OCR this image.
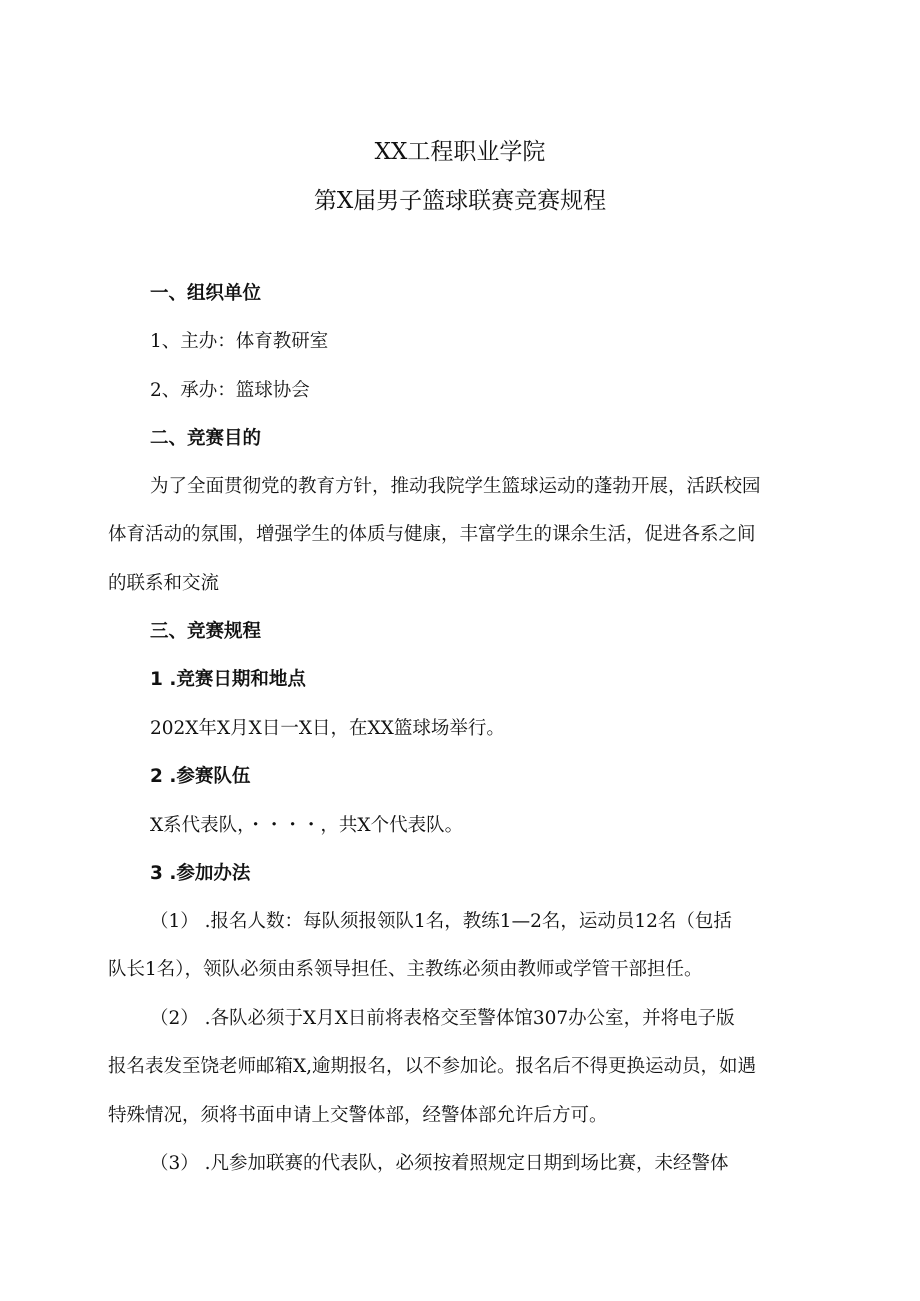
XX工程职业学院
第X届男子篮球联赛竞赛规程
一、组织单位
1、主办：体育教研室
2、承办：篮球协会
二、竞赛目的
为了全面贯彻党的教育方针，推动我院学生篮球运动的蓬勃开展，活跃校园
体育活动的氛围，增强学生的体质与健康，丰富学生的课余生活，促进各系之间
的联系和交流
三、竞赛规程
1 .竞赛日期和地点
202X年X月X日一X日，在XX篮球场举行。
2 .参赛队伍
X系代表队，・・・・，共X个代表队。
3 .参加办法
（1） .报名人数：每队须报领队1名，教练1—2名，运动员12名（包括
队长1名），领队必须由系领导担任、主教练必须由教师或学管干部担任。
（2） .各队必须于X月X日前将表格交至警体馆307办公室，并将电子版
报名表发至饶老师邮箱X,逾期报名，以不参加论。报名后不得更换运动员，如遇
特殊情况，须将书面申请上交警体部，经警体部允许后方可。
（3） .凡参加联赛的代表队，必须按着照规定日期到场比赛，未经警体
